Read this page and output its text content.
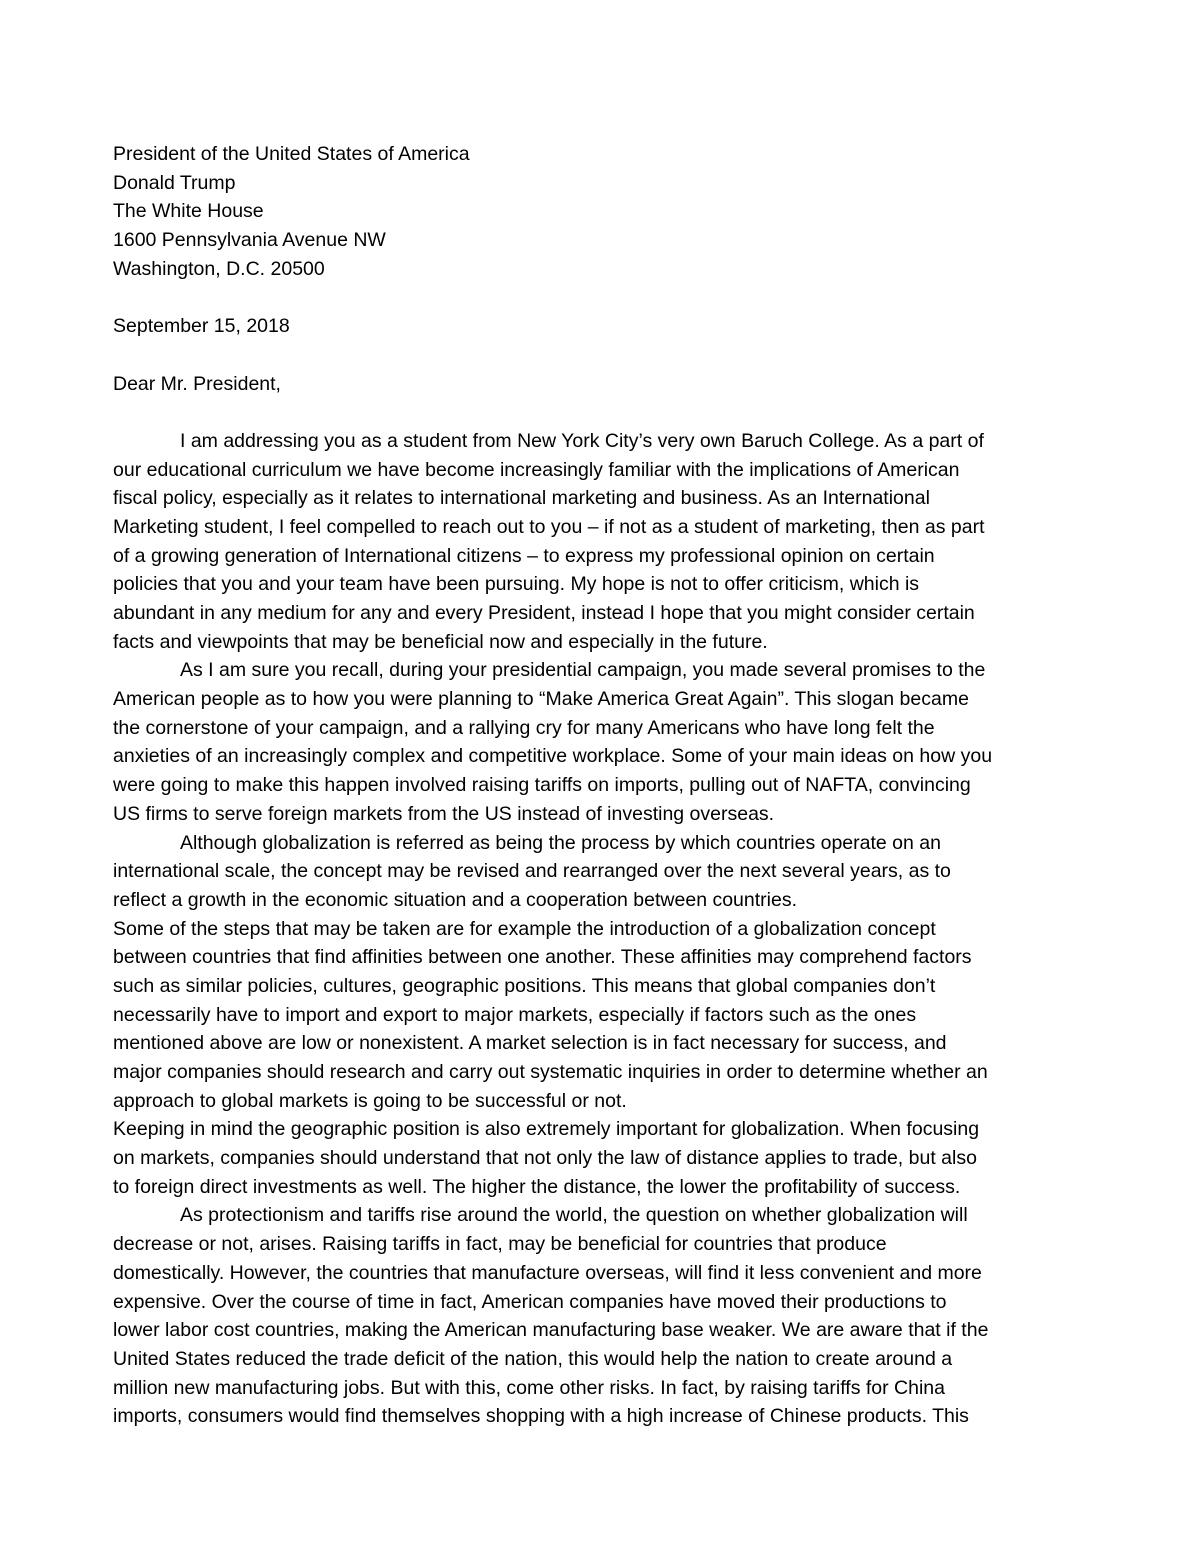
President of the United States of America
Donald Trump
The White House
1600 Pennsylvania Avenue NW
Washington, D.C. 20500
September 15, 2018
Dear Mr. President,
I am addressing you as a student from New York City’s very own Baruch College. As a part of
our educational curriculum we have become increasingly familiar with the implications of American
fiscal policy, especially as it relates to international marketing and business. As an International
Marketing student, I feel compelled to reach out to you – if not as a student of marketing, then as part
of a growing generation of International citizens – to express my professional opinion on certain
policies that you and your team have been pursuing. My hope is not to offer criticism, which is
abundant in any medium for any and every President, instead I hope that you might consider certain
facts and viewpoints that may be beneficial now and especially in the future.
As I am sure you recall, during your presidential campaign, you made several promises to the
American people as to how you were planning to “Make America Great Again”. This slogan became
the cornerstone of your campaign, and a rallying cry for many Americans who have long felt the
anxieties of an increasingly complex and competitive workplace. Some of your main ideas on how you
were going to make this happen involved raising tariffs on imports, pulling out of NAFTA, convincing
US firms to serve foreign markets from the US instead of investing overseas.
Although globalization is referred as being the process by which countries operate on an
international scale, the concept may be revised and rearranged over the next several years, as to
reflect a growth in the economic situation and a cooperation between countries.
Some of the steps that may be taken are for example the introduction of a globalization concept
between countries that find affinities between one another. These affinities may comprehend factors
such as similar policies, cultures, geographic positions. This means that global companies don’t
necessarily have to import and export to major markets, especially if factors such as the ones
mentioned above are low or nonexistent. A market selection is in fact necessary for success, and
major companies should research and carry out systematic inquiries in order to determine whether an
approach to global markets is going to be successful or not.
Keeping in mind the geographic position is also extremely important for globalization. When focusing
on markets, companies should understand that not only the law of distance applies to trade, but also
to foreign direct investments as well. The higher the distance, the lower the profitability of success.
As protectionism and tariffs rise around the world, the question on whether globalization will
decrease or not, arises. Raising tariffs in fact, may be beneficial for countries that produce
domestically. However, the countries that manufacture overseas, will find it less convenient and more
expensive. Over the course of time in fact, American companies have moved their productions to
lower labor cost countries, making the American manufacturing base weaker. We are aware that if the
United States reduced the trade deficit of the nation, this would help the nation to create around a
million new manufacturing jobs. But with this, come other risks. In fact, by raising tariffs for China
imports, consumers would find themselves shopping with a high increase of Chinese products. This
